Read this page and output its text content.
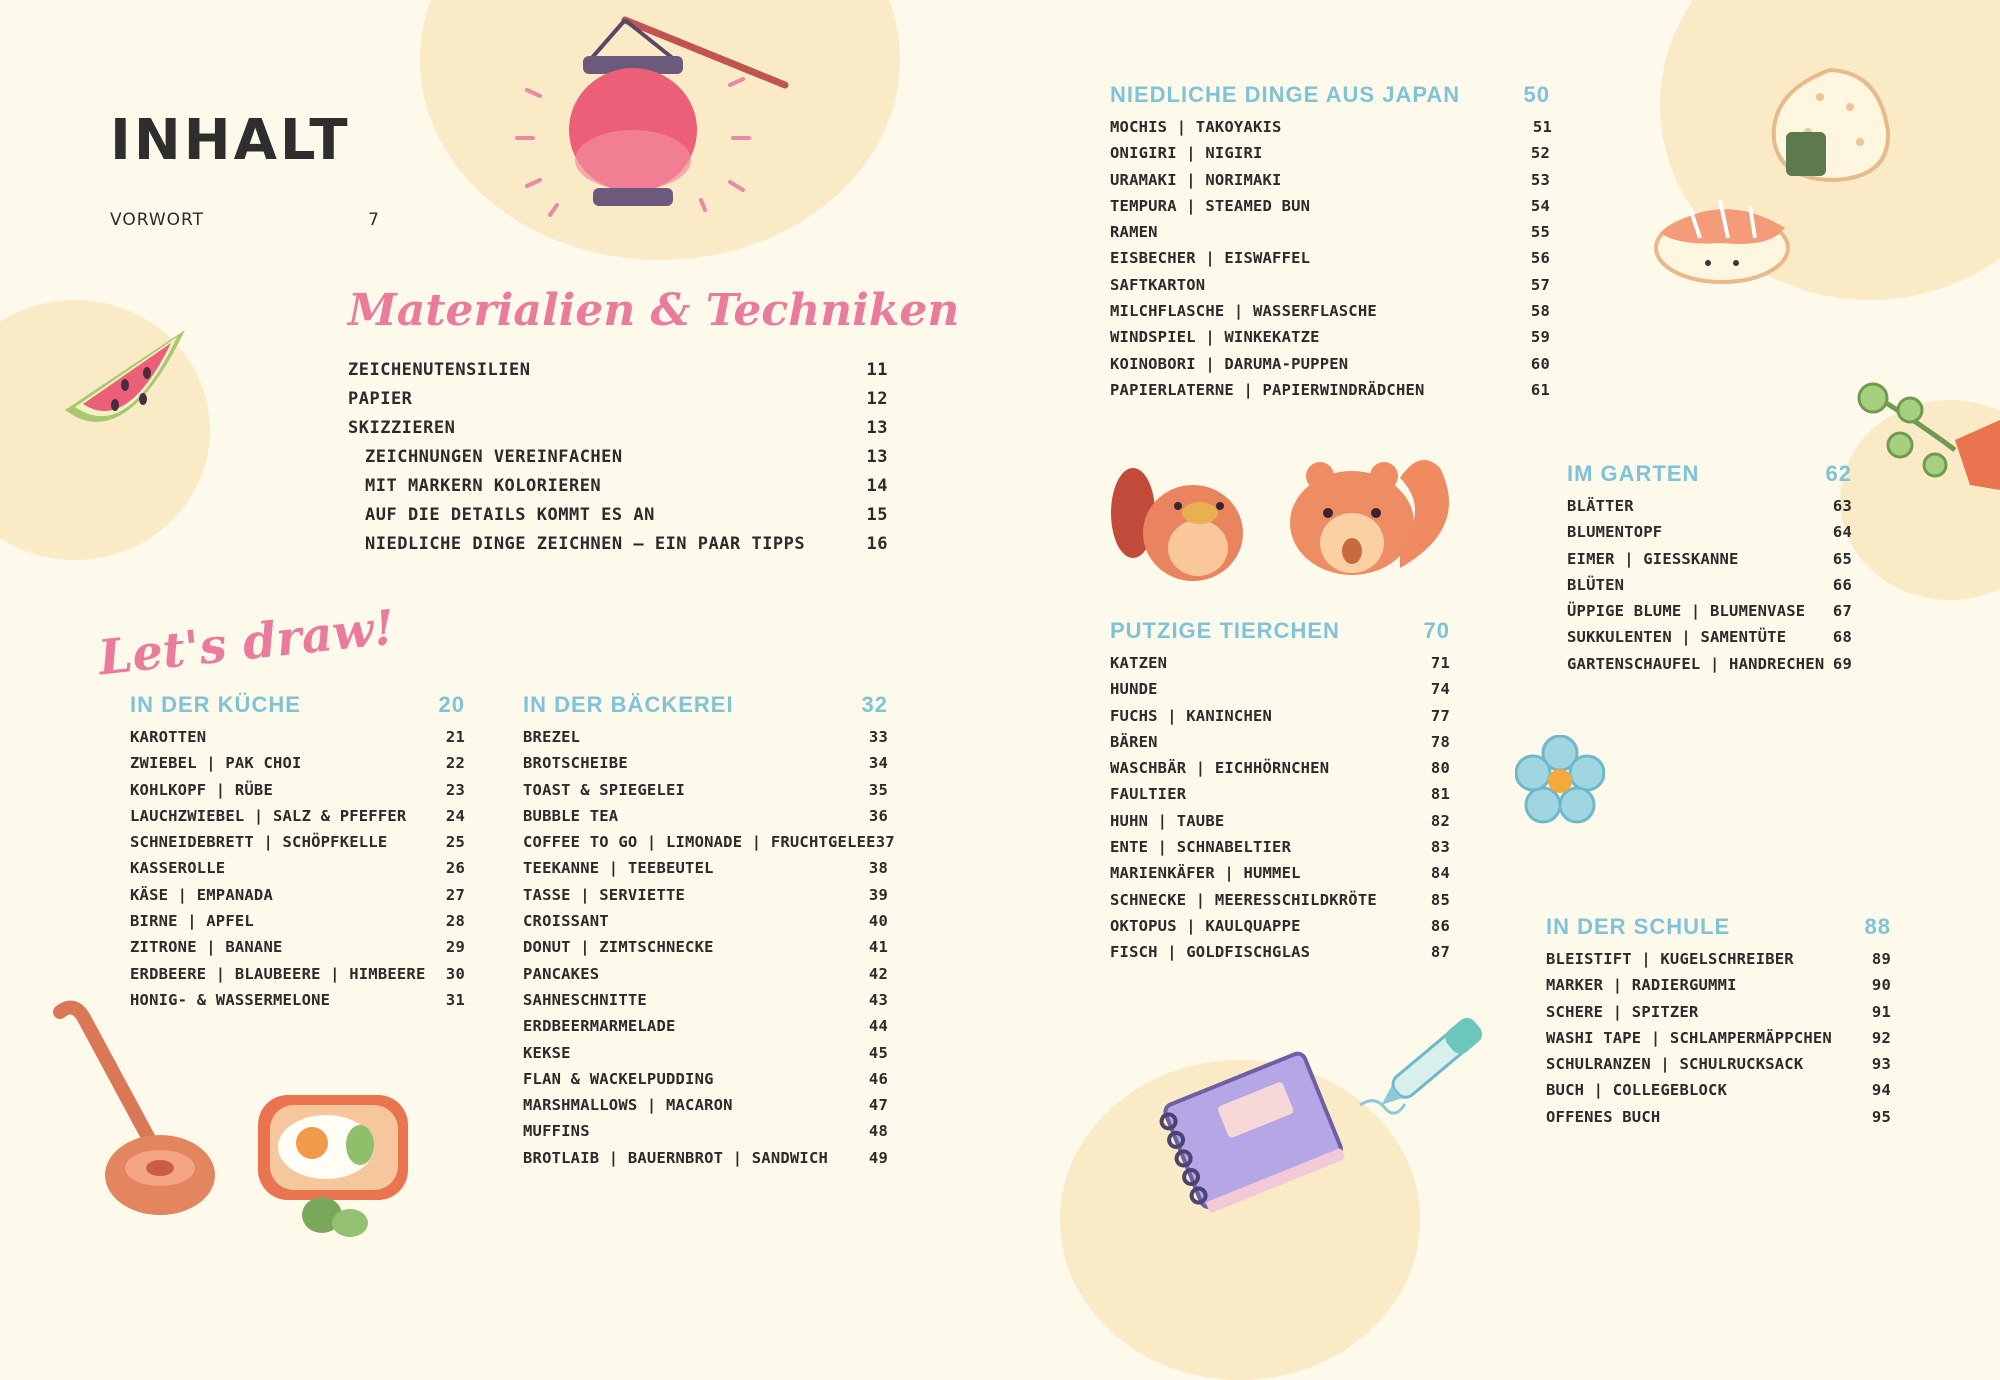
INHALT
VORWORT	7
Materialien & Techniken
ZEICHENUTENSILIEN	11
PAPIER	12
SKIZZIEREN	13
ZEICHNUNGEN VEREINFACHEN	13
MIT MARKERN KOLORIEREN	14
AUF DIE DETAILS KOMMT ES AN	15
NIEDLICHE DINGE ZEICHNEN – EIN PAAR TIPPS	16
Let's draw!
IN DER KÜCHE	20
KAROTTEN	21
ZWIEBEL | PAK CHOI	22
KOHLKOPF | RÜBE	23
LAUCHZWIEBEL | SALZ & PFEFFER	24
SCHNEIDEBRETT | SCHÖPFKELLE	25
KASSEROLLE	26
KÄSE | EMPANADA	27
BIRNE | APFEL	28
ZITRONE | BANANE	29
ERDBEERE | BLAUBEERE | HIMBEERE 30
HONIG- & WASSERMELONE	31
IN DER BÄCKEREI	32
BREZEL	33
BROTSCHEIBE	34
TOAST & SPIEGELEI	35
BUBBLE TEA	36
COFFEE TO GO | LIMONADE | FRUCHTGELEE 37
TEEKANNE | TEEBEUTEL	38
TASSE | SERVIETTE	39
CROISSANT	40
DONUT | ZIMTSCHNECKE	41
PANCAKES	42
SAHNESCHNITTE	43
ERDBEERMARMELADE	44
KEKSE	45
FLAN & WACKELPUDDING	46
MARSHMALLOWS | MACARON	47
MUFFINS	48
BROTLAIB | BAUERNBROT | SANDWICH	49
NIEDLICHE DINGE AUS JAPAN	50
MOCHIS | TAKOYAKIS	51
ONIGIRI | NIGIRI	52
URAMAKI | NORIMAKI	53
TEMPURA | STEAMED BUN	54
RAMEN	55
EISBECHER | EISWAFFEL	56
SAFTKARTON	57
MILCHFLASCHE | WASSERFLASCHE	58
WINDSPIEL | WINKEKATZE	59
KOINOBORI | DARUMA-PUPPEN	60
PAPIERLATERNE | PAPIERWINDRÄDCHEN	61
PUTZIGE TIERCHEN	70
KATZEN	71
HUNDE	74
FUCHS | KANINCHEN	77
BÄREN	78
WASCHBÄR | EICHHÖRNCHEN	80
FAULTIER	81
HUHN | TAUBE	82
ENTE | SCHNABELTIER	83
MARIENKÄFER | HUMMEL	84
SCHNECKE | MEERESSCHILDKRÖTE	85
OKTOPUS | KAULQUAPPE	86
FISCH | GOLDFISCHGLAS	87
IM GARTEN	62
BLÄTTER	63
BLUMENTOPF	64
EIMER | GIESSKANNE	65
BLÜTEN	66
ÜPPIGE BLUME | BLUMENVASE 67
SUKKULENTEN | SAMENTÜTE	68
GARTENSCHAUFEL | HANDRECHEN 69
IN DER SCHULE	88
BLEISTIFT | KUGELSCHREIBER	89
MARKER | RADIERGUMMI	90
SCHERE | SPITZER	91
WASHI TAPE | SCHLAMPERMÄPPCHEN	92
SCHULRANZEN | SCHULRUCKSACK	93
BUCH | COLLEGEBLOCK	94
OFFENES BUCH	95
